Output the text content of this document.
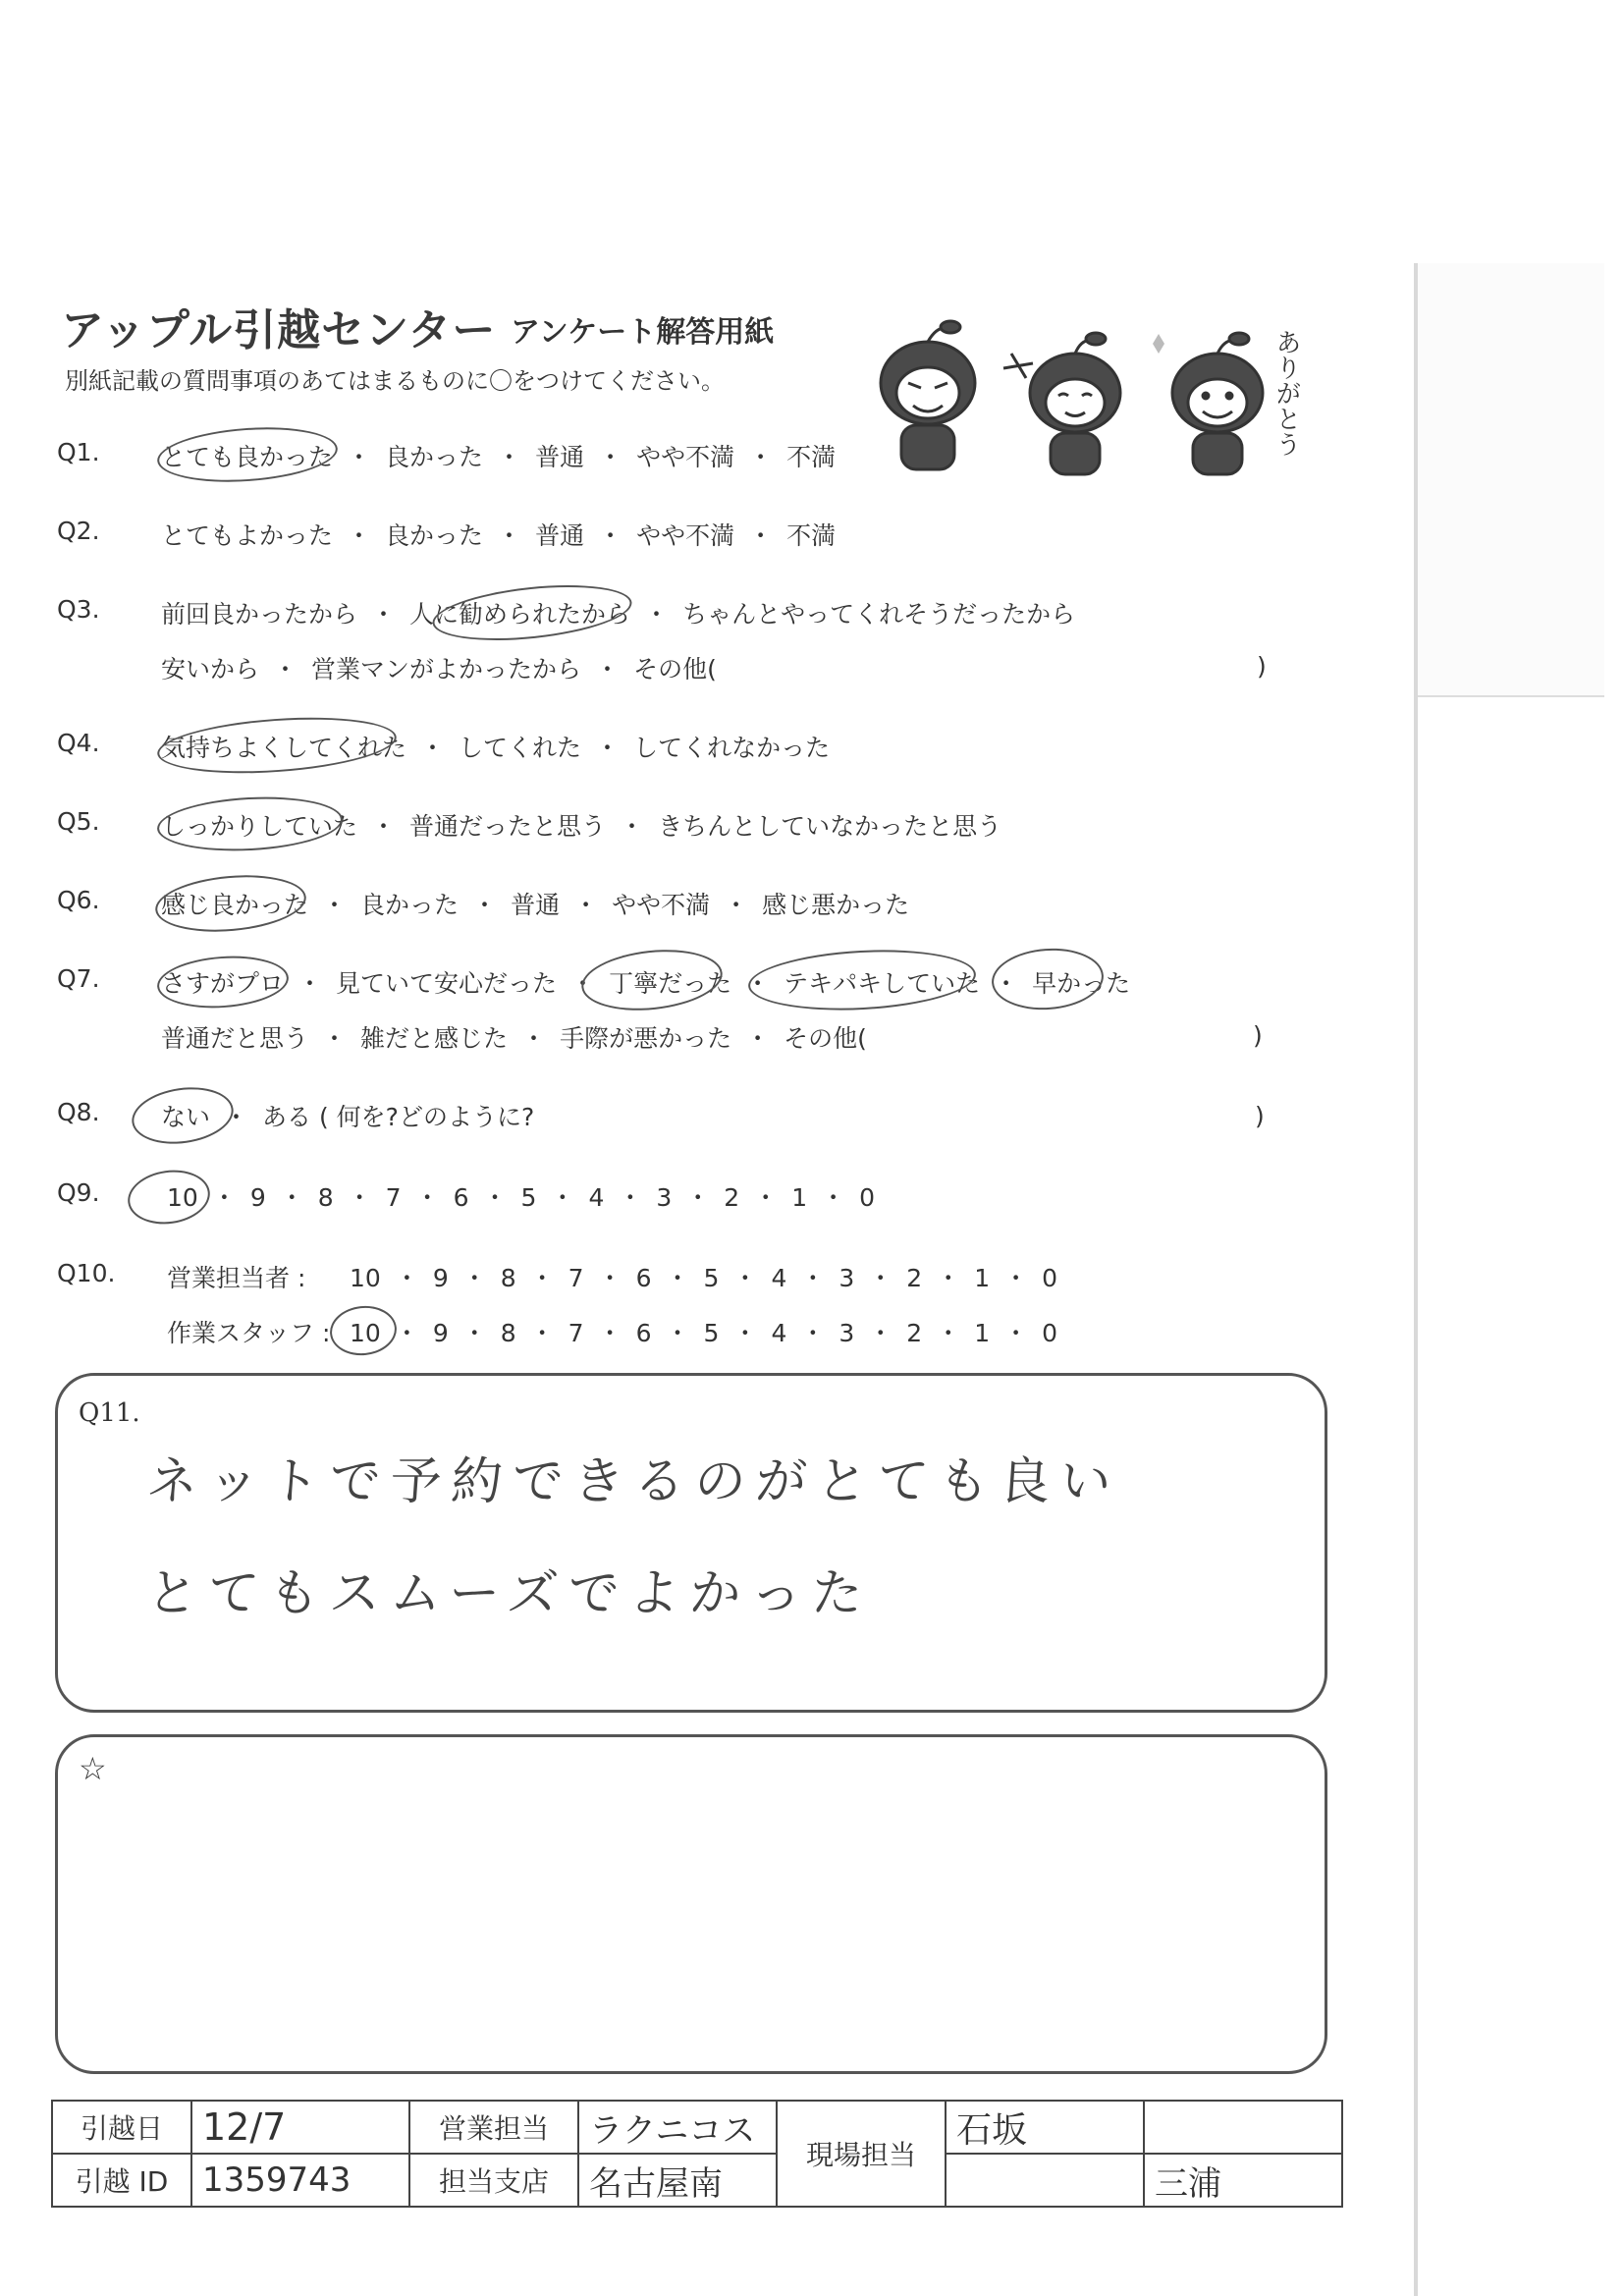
アップル引越センター アンケート解答用紙
別紙記載の質問事項のあてはまるものに〇をつけてください。	ありがとう
Q1. とても良かった ・ 良かった ・ 普通 ・ やや不満 ・ 不満
Q2. とてもよかった ・ 良かった ・ 普通 ・ やや不満 ・ 不満
Q3. 前回良かったから ・ 人に勧められたから ・ ちゃんとやってくれそうだったから
安いから ・ 営業マンがよかったから ・ その他(	)
Q4. 気持ちよくしてくれた ・ してくれた ・ してくれなかった
Q5. しっかりしていた ・ 普通だったと思う ・ きちんとしていなかったと思う
Q6. 感じ良かった ・ 良かった ・ 普通 ・ やや不満 ・ 感じ悪かった
Q7. さすがプロ ・ 見ていて安心だった ・ 丁寧だった ・ テキパキしていた ・ 早かった
普通だと思う ・ 雑だと感じた ・ 手際が悪かった ・ その他(	)
Q8. ない ・ ある ( 何を?どのように?	)
Q9.	10 ・ 9 ・ 8 ・ 7 ・ 6 ・ 5 ・ 4 ・ 3 ・ 2 ・ 1 ・ 0
Q10. 営業担当者 : 10 ・ 9 ・ 8 ・ 7 ・ 6 ・ 5 ・ 4 ・ 3 ・ 2 ・ 1 ・ 0
作業スタッフ : 10 ・ 9 ・ 8 ・ 7 ・ 6 ・ 5 ・ 4 ・ 3 ・ 2 ・ 1 ・ 0
Q11.
ネットで予約できるのがとても良い
とてもスムーズでよかった
☆
引越日	12/7	営業担当	ラクニコス	現場担当	石坂	
引越 ID	1359743	担当支店	名古屋南			三浦
